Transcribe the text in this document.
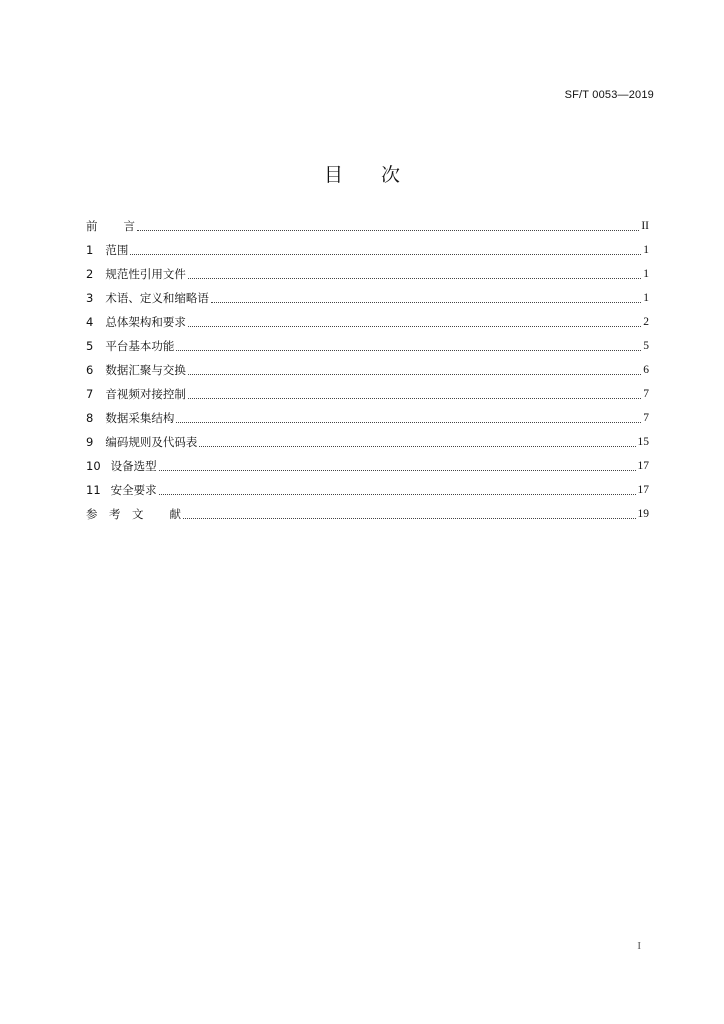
SF/T 0053—2019
目 次
前 言	II
1 范围	1
2 规范性引用文件	1
3 术语、定义和缩略语	1
4 总体架构和要求	2
5 平台基本功能	5
6 数据汇聚与交换	6
7 音视频对接控制	7
8 数据采集结构	7
9 编码规则及代码表	15
10 设备选型	17
11 安全要求	17
参　考　文 献	19
I
